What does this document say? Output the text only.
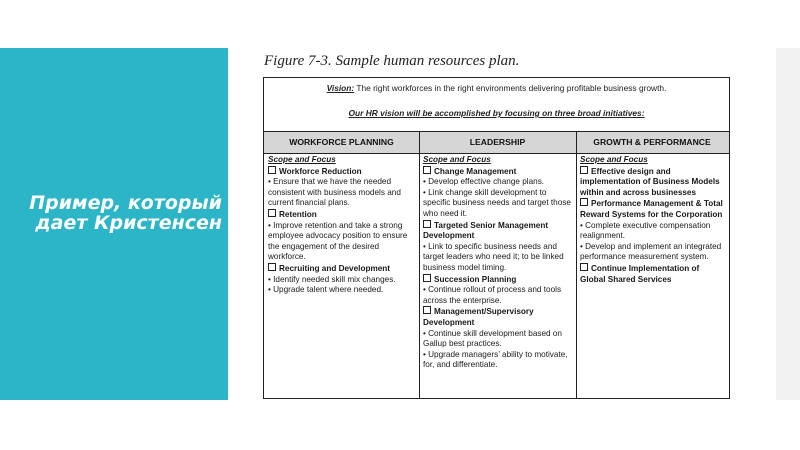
Пример, который дает Кристенсен
Figure 7-3. Sample human resources plan.
Vision: The right workforces in the right environments delivering profitable business growth.
Our HR vision will be accomplished by focusing on three broad initiatives:
WORKFORCE PLANNING	LEADERSHIP	GROWTH & PERFORMANCE
Scope and Focus
Workforce Reduction
• Ensure that we have the needed consistent with business models and current financial plans.
Retention
• Improve retention and take a strong employee advocacy position to ensure the engagement of the desired workforce.
Recruiting and Development
• Identify needed skill mix changes.
• Upgrade talent where needed.
Scope and Focus
Change Management
• Develop effective change plans.
• Link change skill development to specific business needs and target those who need it.
Targeted Senior Management Development
• Link to specific business needs and target leaders who need it; to be linked business model timing.
Succession Planning
• Continue rollout of process and tools across the enterprise.
Management/Supervisory Development
• Continue skill development based on Gallup best practices.
• Upgrade managers’ ability to motivate, for, and differentiate.
Scope and Focus
Effective design and implementation of Business Models within and across businesses
Performance Management & Total Reward Systems for the Corporation
• Complete executive compensation realignment.
• Develop and implement an integrated performance measurement system.
Continue Implementation of Global Shared Services
